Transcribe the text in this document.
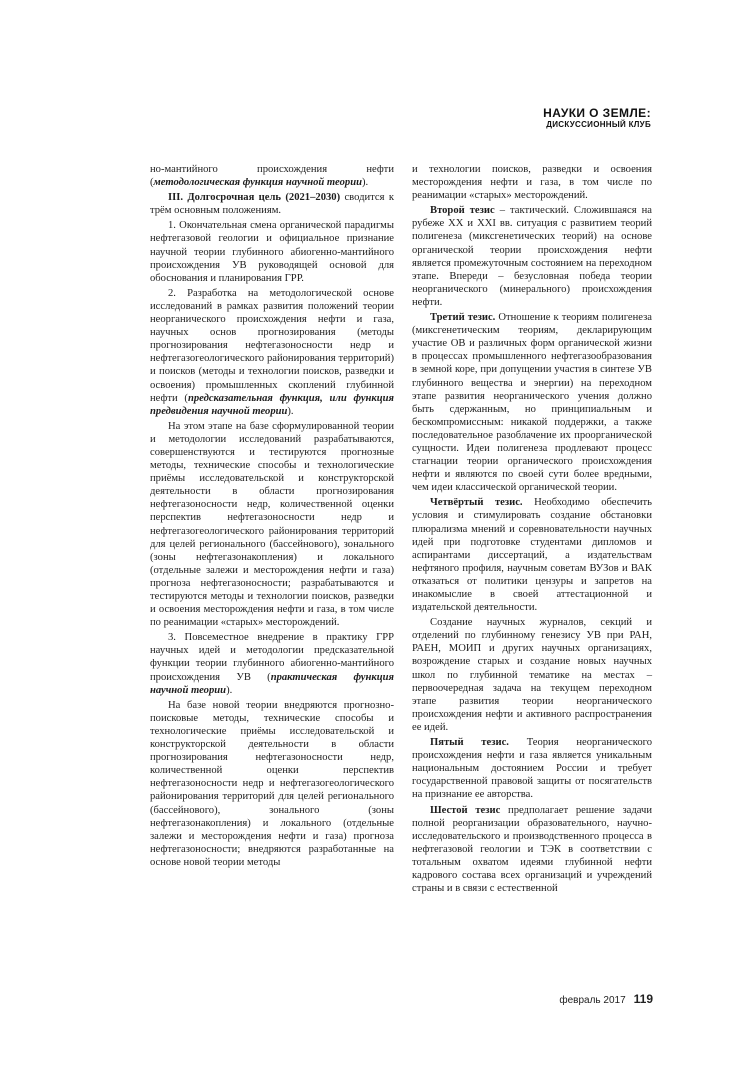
НАУКИ О ЗЕМЛЕ:
ДИСКУССИОННЫЙ КЛУБ

но-мантийного происхождения нефти (методологическая функция научной теории).

III. Долгосрочная цель (2021–2030) сводится к трём основным положениям.

1. Окончательная смена органической парадигмы нефтегазовой геологии и официальное признание научной теории глубинного абиогенно-мантийного происхождения УВ руководящей основой для обоснования и планирования ГРР.

2. Разработка на методологической основе исследований в рамках развития положений теории неорганического происхождения нефти и газа, научных основ прогнозирования (методы прогнозирования нефтегазоносности недр и нефтегазогеологического районирования территорий) и поисков (методы и технологии поисков, разведки и освоения) промышленных скоплений глубинной нефти (предсказательная функция, или функция предвидения научной теории).

На этом этапе на базе сформулированной теории и методологии исследований разрабатываются, совершенствуются и тестируются прогнозные методы, технические способы и технологические приёмы исследовательской и конструкторской деятельности в области прогнозирования нефтегазоносности недр, количественной оценки перспектив нефтегазоносности недр и нефтегазогеологического районирования территорий для целей регионального (бассейнового), зонального (зоны нефтегазонакопления) и локального (отдельные залежи и месторождения нефти и газа) прогноза нефтегазоносности; разрабатываются и тестируются методы и технологии поисков, разведки и освоения месторождения нефти и газа, в том числе по реанимации «старых» месторождений.

3. Повсеместное внедрение в практику ГРР научных идей и методологии предсказательной функции теории глубинного абиогенно-мантийного происхождения УВ (практическая функция научной теории).

На базе новой теории внедряются прогнозно-поисковые методы, технические способы и технологические приёмы исследовательской и конструкторской деятельности в области прогнозирования нефтегазоносности недр, количественной оценки перспектив нефтегазоносности недр и нефтегазогеологического районирования территорий для целей регионального (бассейнового), зонального (зоны нефтегазонакопления) и локального (отдельные залежи и месторождения нефти и газа) прогноза нефтегазоносности; внедряются разработанные на основе новой теории методы

и технологии поисков, разведки и освоения месторождения нефти и газа, в том числе по реанимации «старых» месторождений.

Второй тезис – тактический. Сложившаяся на рубеже XX и XXI вв. ситуация с развитием теорий полигенеза (миксгенетических теорий) на основе органической теории происхождения нефти является промежуточным состоянием на переходном этапе. Впереди – безусловная победа теории неорганического (минерального) происхождения нефти.

Третий тезис. Отношение к теориям полигенеза (миксгенетическим теориям, декларирующим участие ОВ и различных форм органической жизни в процессах промышленного нефтегазообразования в земной коре, при допущении участия в синтезе УВ глубинного вещества и энергии) на переходном этапе развития неорганического учения должно быть сдержанным, но принципиальным и бескомпромиссным: никакой поддержки, а также последовательное разоблачение их проорганической сущности. Идеи полигенеза продлевают процесс стагнации теории органического происхождения нефти и являются по своей сути более вредными, чем идеи классической органической теории.

Четвёртый тезис. Необходимо обеспечить условия и стимулировать создание обстановки плюрализма мнений и соревновательности научных идей при подготовке студентами дипломов и аспирантами диссертаций, а издательствам нефтяного профиля, научным советам ВУЗов и ВАК отказаться от политики цензуры и запретов на инакомыслие в своей аттестационной и издательской деятельности.

Создание научных журналов, секций и отделений по глубинному генезису УВ при РАН, РАЕН, МОИП и других научных организациях, возрождение старых и создание новых научных школ по глубинной тематике на местах – первоочередная задача на текущем переходном этапе развития теории неорганического происхождения нефти и активного распространения ее идей.

Пятый тезис. Теория неорганического происхождения нефти и газа является уникальным национальным достоянием России и требует государственной правовой защиты от посягательств на признание ее авторства.

Шестой тезис предполагает решение задачи полной реорганизации образовательного, научно-исследовательского и производственного процесса в нефтегазовой геологии и ТЭК в соответствии с тотальным охватом идеями глубинной нефти кадрового состава всех организаций и учреждений страны и в связи с естественной

февраль 2017 119
